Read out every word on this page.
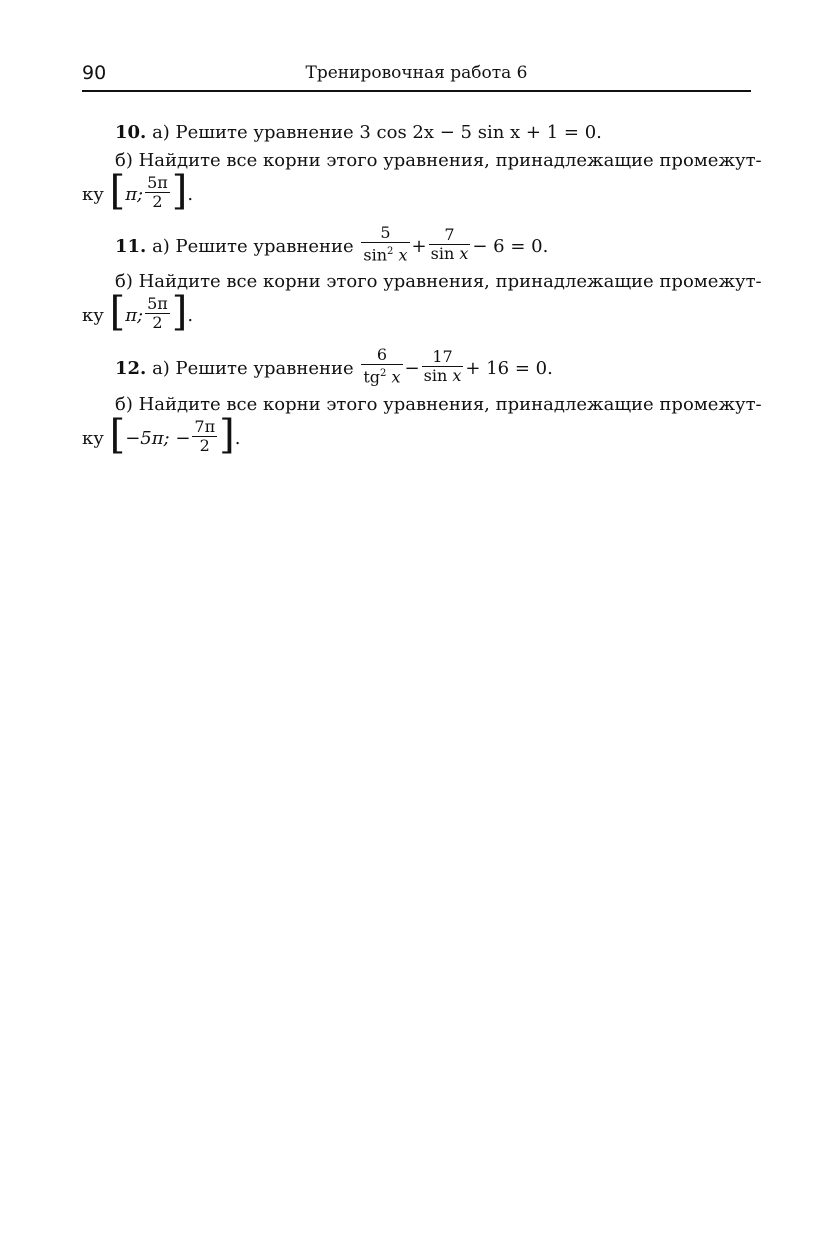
90	Тренировочная работа 6
10. а) Решите уравнение 3 cos 2x − 5 sin x + 1 = 0.
б) Найдите все корни этого уравнения, принадлежащие промежут-
ку
[ π; $\frac{5\pi}{2}$ ] .
11.
а) Решите уравнение
$\frac{5}{\sin^2 x} + \frac{7}{\text{sin x}} - 6 = 0$.
б) Найдите все корни этого уравнения, принадлежащие промежут-
ку
[ π; $\frac{5\pi}{2}$ ] .
12.
а) Решите уравнение
$\frac{6}{tg^2 x} - \frac{17}{\text{sin x}} + 16 = 0$.
б) Найдите все корни этого уравнения, принадлежащие промежут-
ку
[ −5π; − $\frac{7\pi}{2}$ ] .
